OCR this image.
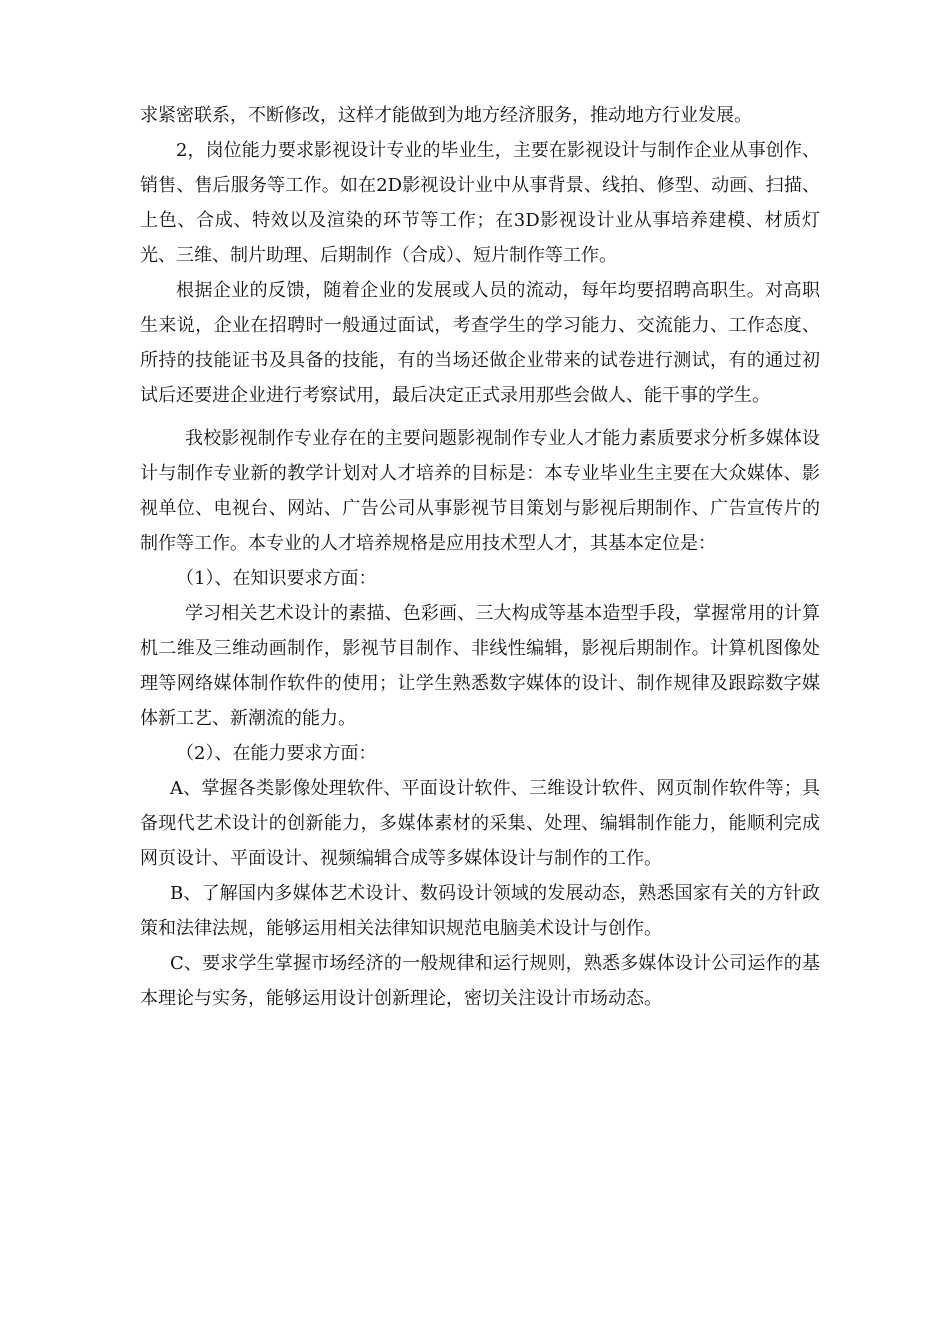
求紧密联系，不断修改，这样才能做到为地方经济服务，推动地方行业发展。

2，岗位能力要求影视设计专业的毕业生，主要在影视设计与制作企业从事创作、销售、售后服务等工作。如在2D影视设计业中从事背景、线拍、修型、动画、扫描、上色、合成、特效以及渲染的环节等工作；在3D影视设计业从事培养建模、材质灯光、三维、制片助理、后期制作（合成）、短片制作等工作。

根据企业的反馈，随着企业的发展或人员的流动，每年均要招聘高职生。对高职生来说，企业在招聘时一般通过面试，考查学生的学习能力、交流能力、工作态度、所持的技能证书及具备的技能，有的当场还做企业带来的试卷进行测试，有的通过初试后还要进企业进行考察试用，最后决定正式录用那些会做人、能干事的学生。

我校影视制作专业存在的主要问题影视制作专业人才能力素质要求分析多媒体设计与制作专业新的教学计划对人才培养的目标是：本专业毕业生主要在大众媒体、影视单位、电视台、网站、广告公司从事影视节目策划与影视后期制作、广告宣传片的制作等工作。本专业的人才培养规格是应用技术型人才，其基本定位是：

（1）、在知识要求方面：

学习相关艺术设计的素描、色彩画、三大构成等基本造型手段，掌握常用的计算机二维及三维动画制作，影视节目制作、非线性编辑，影视后期制作。计算机图像处理等网络媒体制作软件的使用；让学生熟悉数字媒体的设计、制作规律及跟踪数字媒体新工艺、新潮流的能力。

（2）、在能力要求方面：

A、掌握各类影像处理软件、平面设计软件、三维设计软件、网页制作软件等；具备现代艺术设计的创新能力，多媒体素材的采集、处理、编辑制作能力，能顺利完成网页设计、平面设计、视频编辑合成等多媒体设计与制作的工作。

B、了解国内多媒体艺术设计、数码设计领域的发展动态，熟悉国家有关的方针政策和法律法规，能够运用相关法律知识规范电脑美术设计与创作。

C、要求学生掌握市场经济的一般规律和运行规则，熟悉多媒体设计公司运作的基本理论与实务，能够运用设计创新理论，密切关注设计市场动态。
